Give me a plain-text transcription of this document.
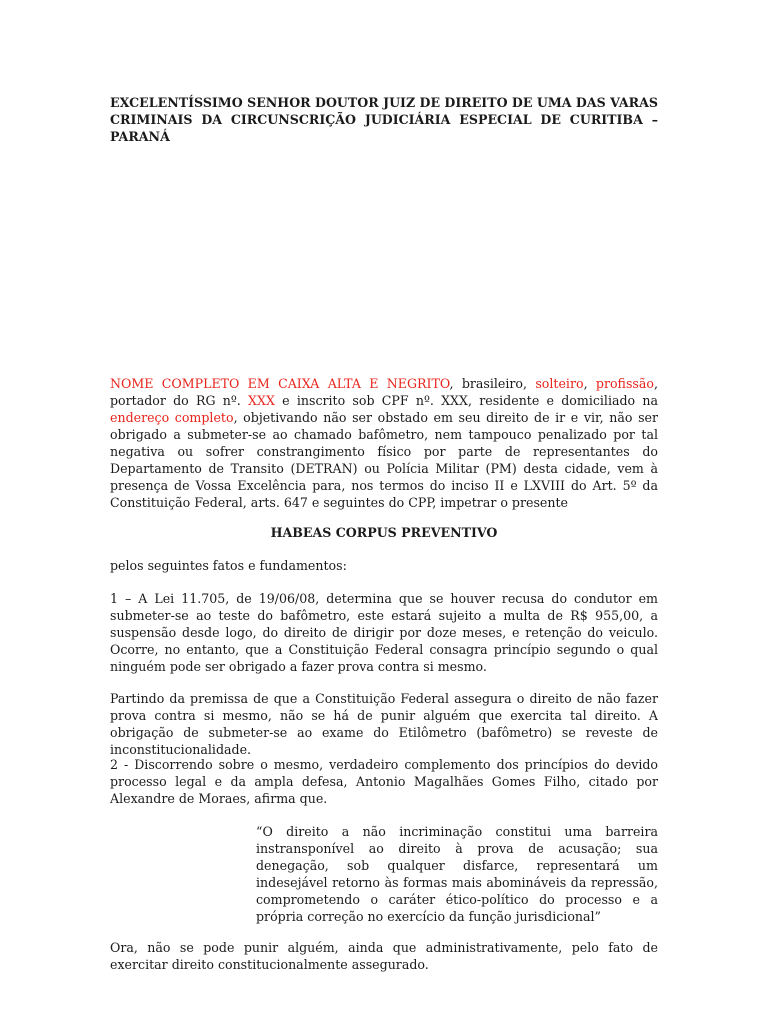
EXCELENTÍSSIMO SENHOR DOUTOR JUIZ DE DIREITO DE UMA DAS VARAS CRIMINAIS DA CIRCUNSCRIÇÃO JUDICIÁRIA ESPECIAL DE CURITIBA –PARANÁ

NOME COMPLETO EM CAIXA ALTA E NEGRITO, brasileiro, solteiro, profissão, portador do RG nº. XXX e inscrito sob CPF nº. XXX, residente e domiciliado na endereço completo, objetivando não ser obstado em seu direito de ir e vir, não ser obrigado a submeter-se ao chamado bafômetro, nem tampouco penalizado por tal negativa ou sofrer constrangimento físico por parte de representantes do Departamento de Transito (DETRAN) ou Polícia Militar (PM) desta cidade, vem à presença de Vossa Excelência para, nos termos do inciso II e LXVIII do Art. 5º da Constituição Federal, arts. 647 e seguintes do CPP, impetrar o presente

HABEAS CORPUS PREVENTIVO

pelos seguintes fatos e fundamentos:

1 – A Lei 11.705, de 19/06/08, determina que se houver recusa do condutor em submeter-se ao teste do bafômetro, este estará sujeito a multa de R$ 955,00, a suspensão desde logo, do direito de dirigir por doze meses, e retenção do veiculo. Ocorre, no entanto, que a Constituição Federal consagra princípio segundo o qual ninguém pode ser obrigado a fazer prova contra si mesmo.

Partindo da premissa de que a Constituição Federal assegura o direito de não fazer prova contra si mesmo, não se há de punir alguém que exercita tal direito. A obrigação de submeter-se ao exame do Etilômetro (bafômetro) se reveste de inconstitucionalidade.

2 - Discorrendo sobre o mesmo, verdadeiro complemento dos princípios do devido processo legal e da ampla defesa, Antonio Magalhães Gomes Filho, citado por Alexandre de Moraes, afirma que.

“O direito a não incriminação constitui uma barreira instransponível ao direito à prova de acusação; sua denegação, sob qualquer disfarce, representará um indesejável retorno às formas mais abomináveis da repressão, comprometendo o caráter ético-político do processo e a própria correção no exercício da função jurisdicional”

Ora, não se pode punir alguém, ainda que administrativamente, pelo fato de exercitar direito constitucionalmente assegurado.
